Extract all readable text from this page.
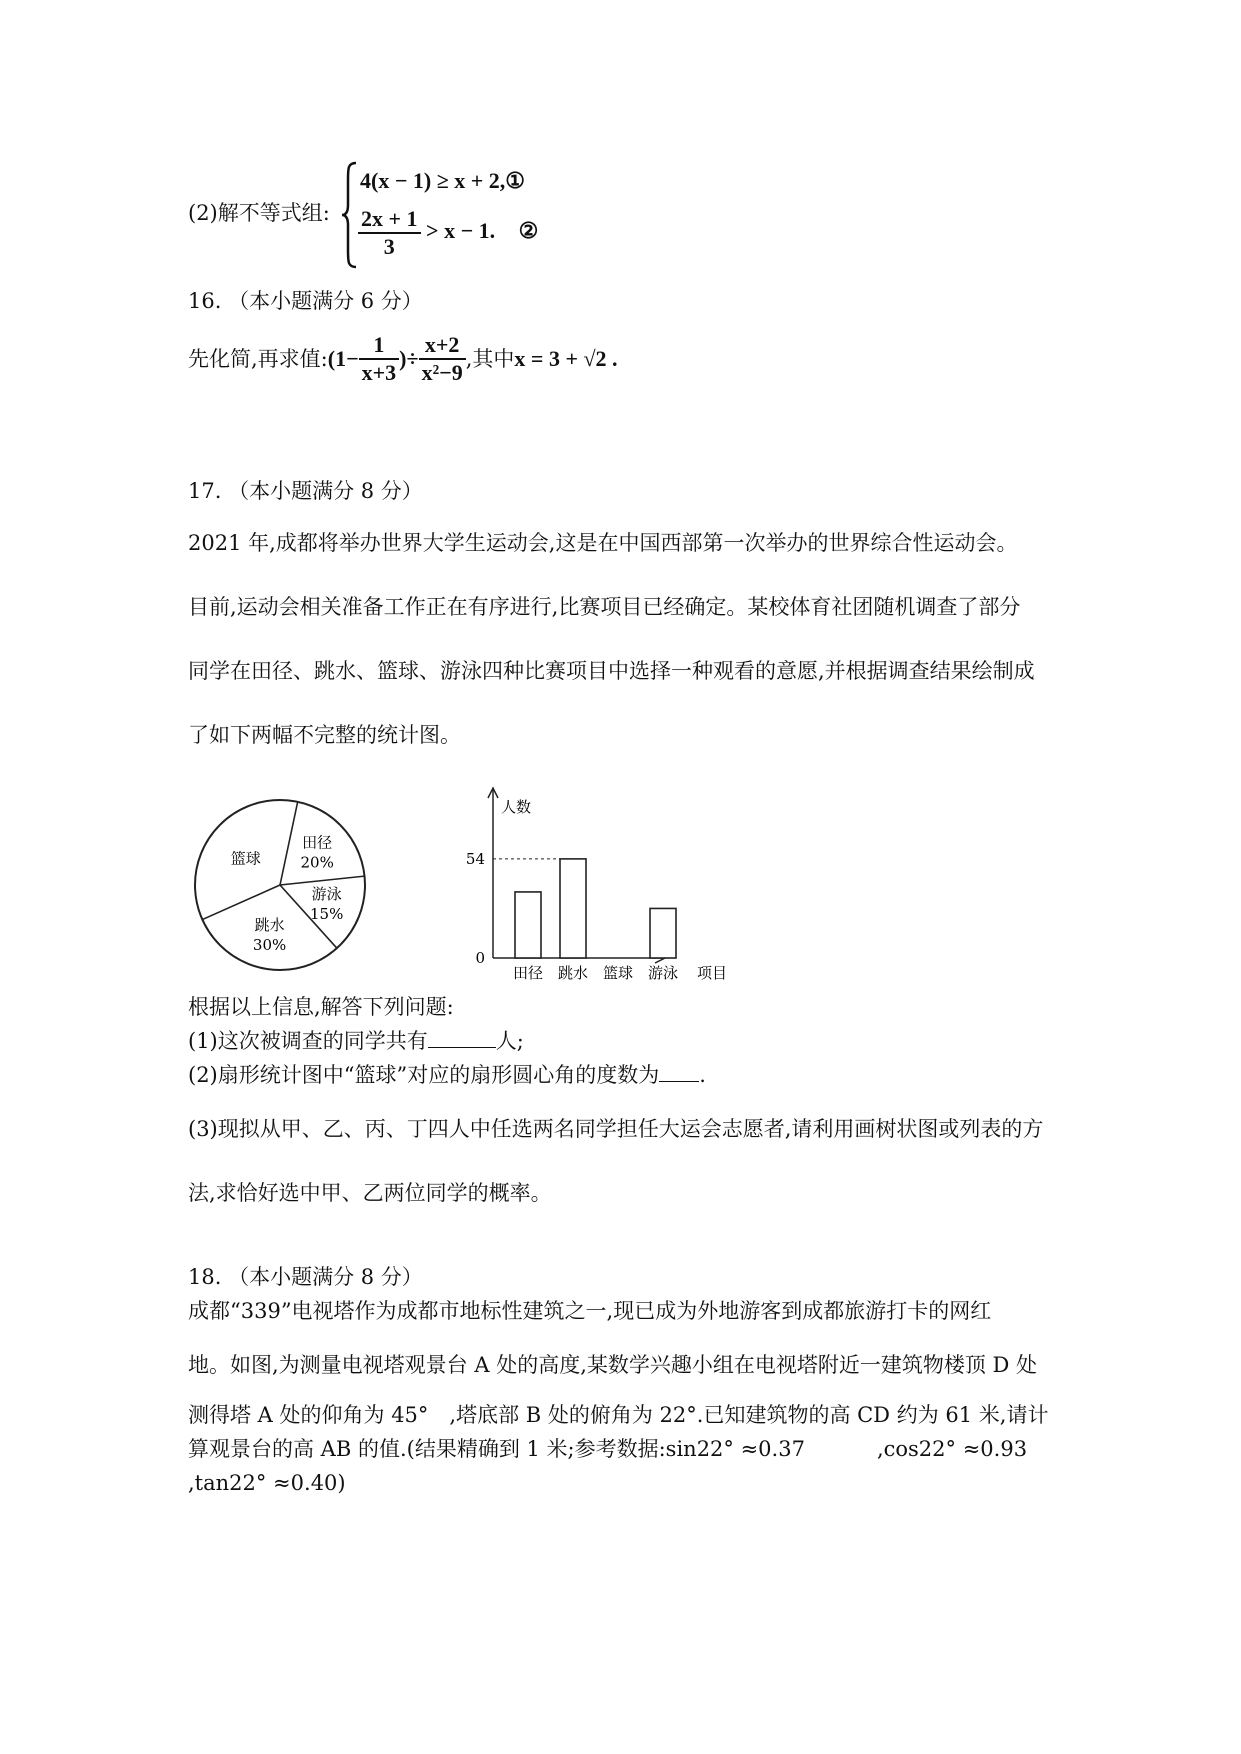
(2)解不等式组:
4(x − 1) ≥ x + 2,①
$\frac{2x + 1}{3} > x - 1$. ②
16. （本小题满分 6 分）
先化简,再求值:(1− $\frac{1}{x+3}$ )÷ $\frac{x+2}{\text{x²−9}}$ ,其中x = 3 + √2 .
17. （本小题满分 8 分）
2021 年,成都将举办世界大学生运动会,这是在中国西部第一次举办的世界综合性运动会。
目前,运动会相关准备工作正在有序进行,比赛项目已经确定。某校体育社团随机调查了部分
同学在田径、跳水、篮球、游泳四种比赛项目中选择一种观看的意愿,并根据调查结果绘制成
了如下两幅不完整的统计图。
田径
20%
游泳
15%
跳水
30%
篮球
人数
项目
0
54
田径 跳水 篮球 游泳
根据以上信息,解答下列问题:
(1)这次被调查的同学共有	人;
(2)扇形统计图中“篮球”对应的扇形圆心角的度数为 .
(3)现拟从甲、乙、丙、丁四人中任选两名同学担任大运会志愿者,请利用画树状图或列表的方
法,求恰好选中甲、乙两位同学的概率。
18. （本小题满分 8 分）
成都“339”电视塔作为成都市地标性建筑之一,现已成为外地游客到成都旅游打卡的网红
地。如图,为测量电视塔观景台 A 处的高度,某数学兴趣小组在电视塔附近一建筑物楼顶 D 处
测得塔 A 处的仰角为 45°　,塔底部 B 处的俯角为 22°.已知建筑物的高 CD 约为 61 米,请计
算观景台的高 AB 的值.(结果精确到 1 米;参考数据:sin22° ≈0.37	,cos22° ≈0.93
,tan22° ≈0.40)
